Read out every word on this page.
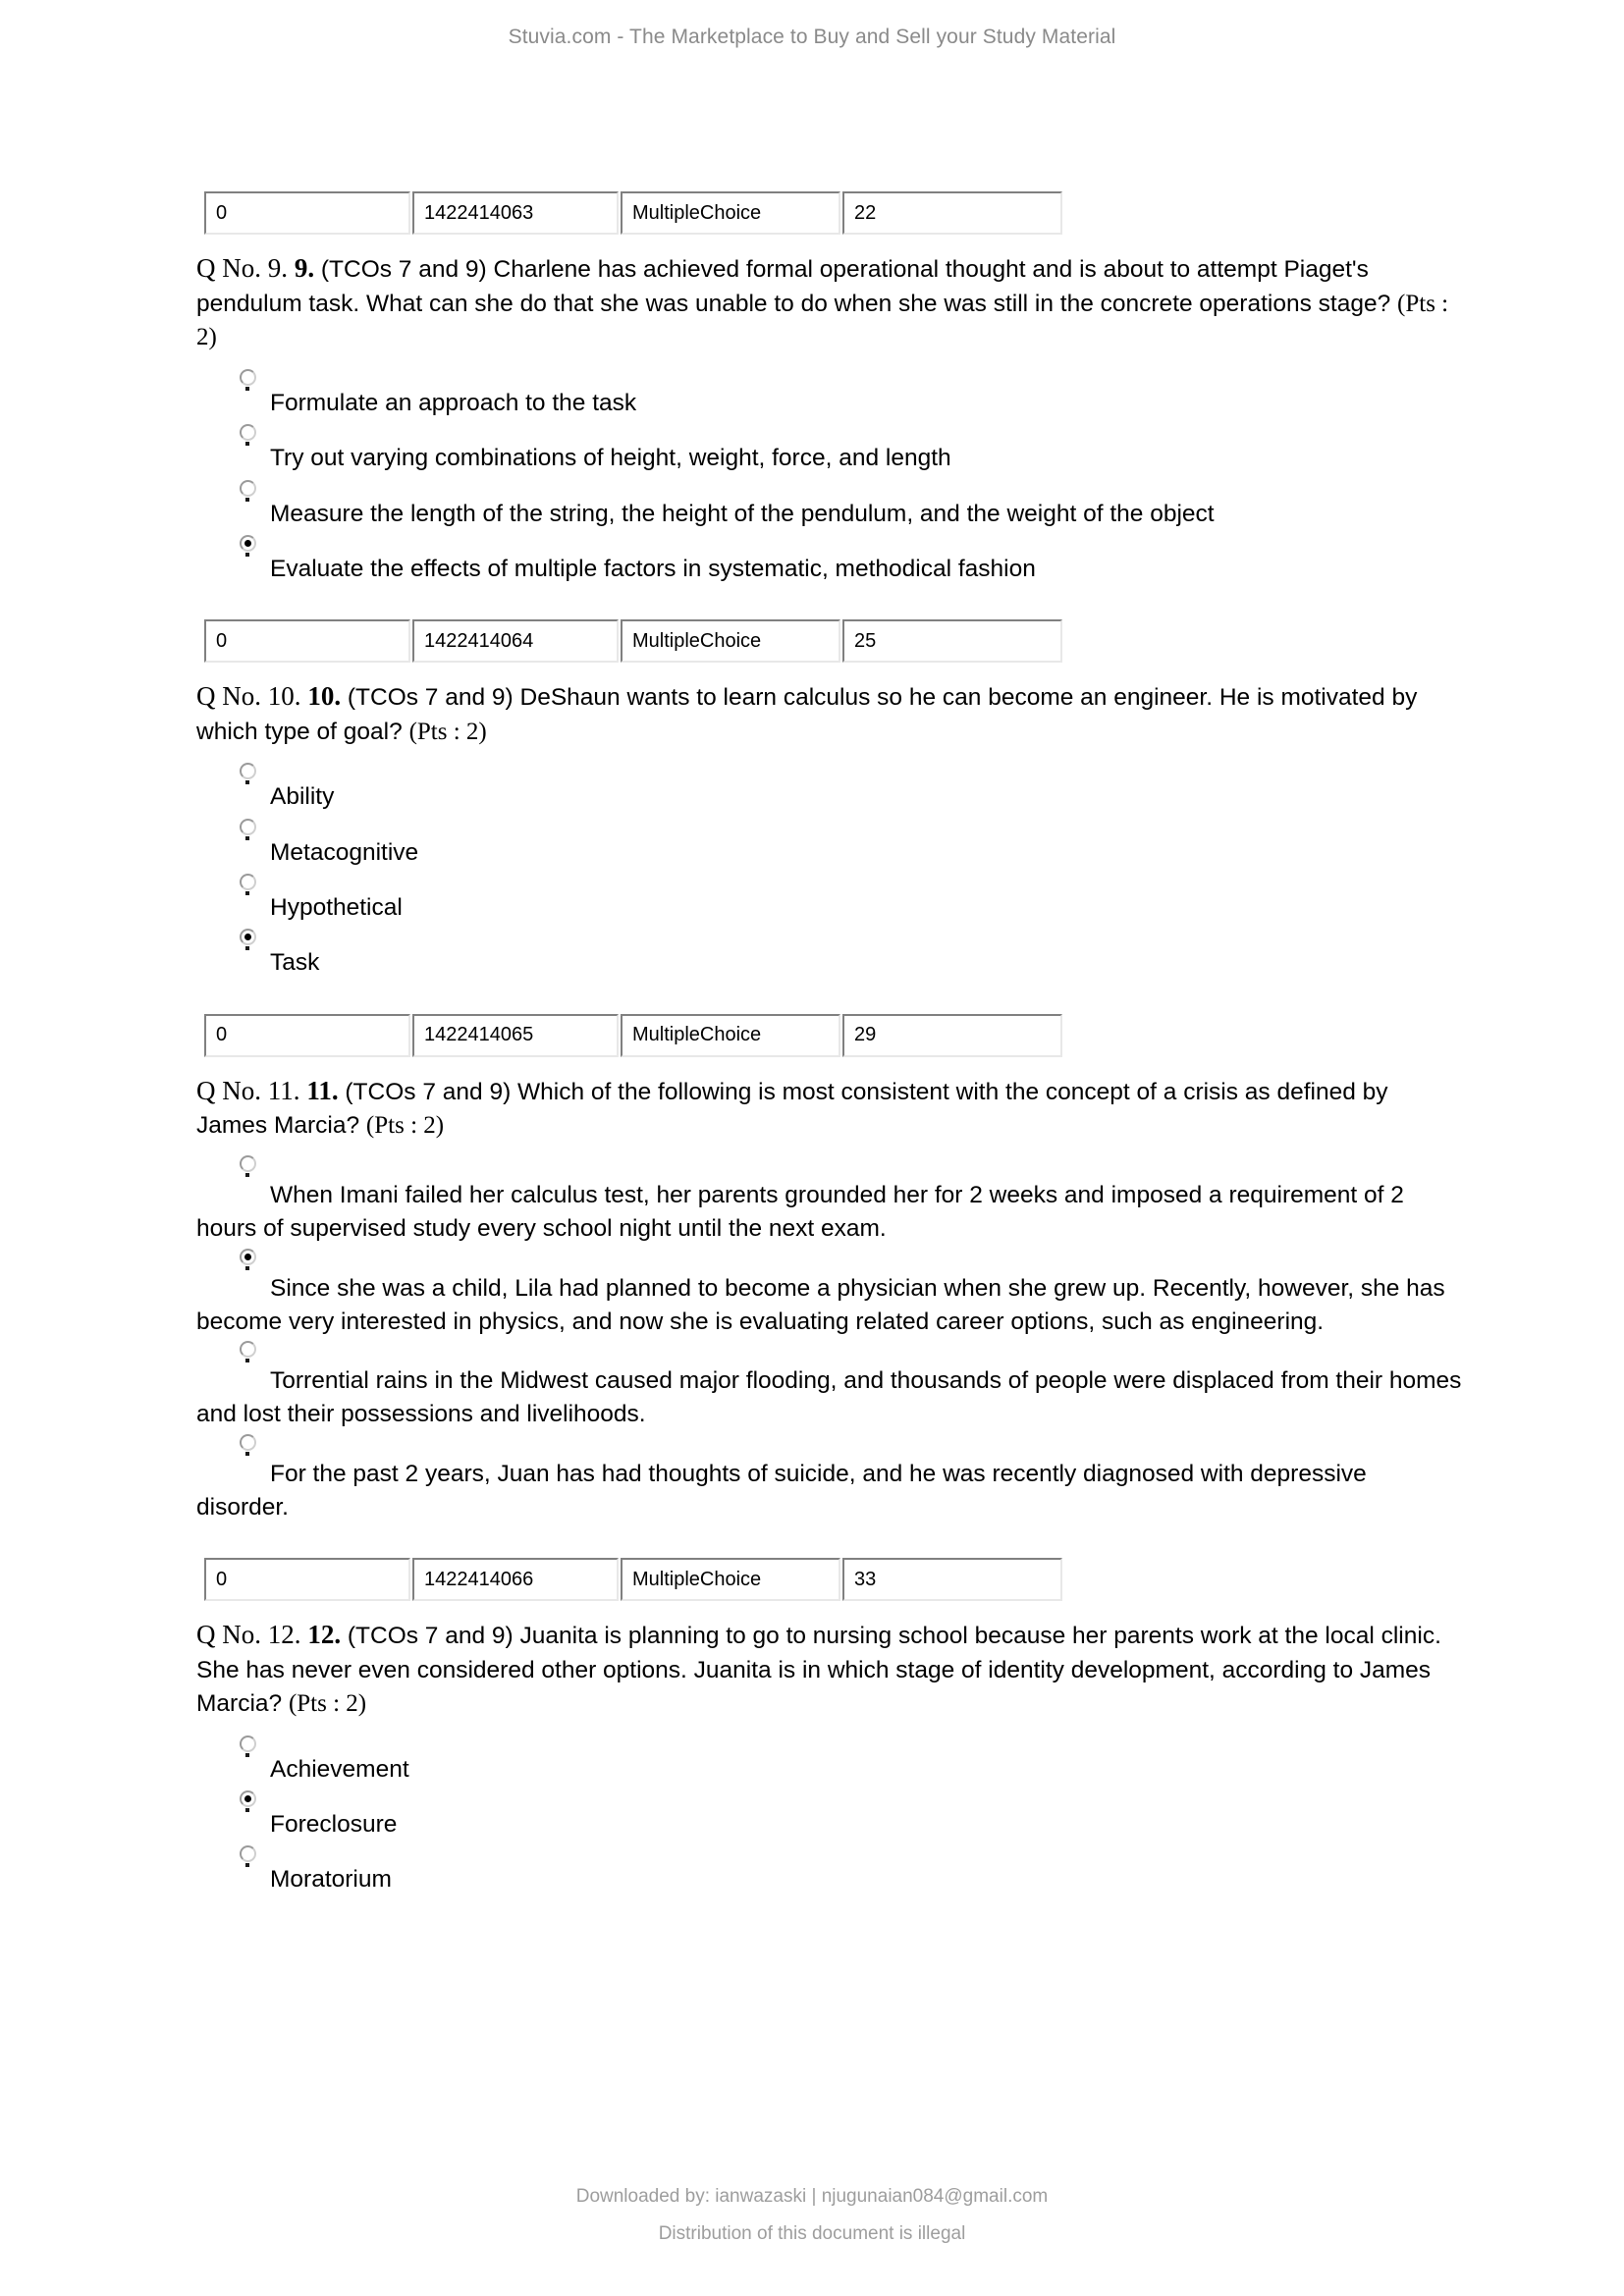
Stuvia.com - The Marketplace to Buy and Sell your Study Material
0	1422414063	MultipleChoice	22

Q No. 9. 9. (TCOs 7 and 9) Charlene has achieved formal operational thought and is about to attempt Piaget's pendulum task. What can she do that she was unable to do when she was still in the concrete operations stage? (Pts : 2)

Formulate an approach to the task
Try out varying combinations of height, weight, force, and length
Measure the length of the string, the height of the pendulum, and the weight of the object
Evaluate the effects of multiple factors in systematic, methodical fashion
0	1422414064	MultipleChoice	25

Q No. 10. 10. (TCOs 7 and 9) DeShaun wants to learn calculus so he can become an engineer. He is motivated by which type of goal? (Pts : 2)

Ability
Metacognitive
Hypothetical
Task
0	1422414065	MultipleChoice	29

Q No. 11. 11. (TCOs 7 and 9) Which of the following is most consistent with the concept of a crisis as defined by James Marcia? (Pts : 2)

When Imani failed her calculus test, her parents grounded her for 2 weeks and imposed a requirement of 2 hours of supervised study every school night until the next exam.
Since she was a child, Lila had planned to become a physician when she grew up. Recently, however, she has become very interested in physics, and now she is evaluating related career options, such as engineering.
Torrential rains in the Midwest caused major flooding, and thousands of people were displaced from their homes and lost their possessions and livelihoods.
For the past 2 years, Juan has had thoughts of suicide, and he was recently diagnosed with depressive disorder.
0	1422414066	MultipleChoice	33

Q No. 12. 12. (TCOs 7 and 9) Juanita is planning to go to nursing school because her parents work at the local clinic. She has never even considered other options. Juanita is in which stage of identity development, according to James Marcia? (Pts : 2)

Achievement
Foreclosure
Moratorium
Downloaded by: ianwazaski | njugunaian084@gmail.com
Distribution of this document is illegal
